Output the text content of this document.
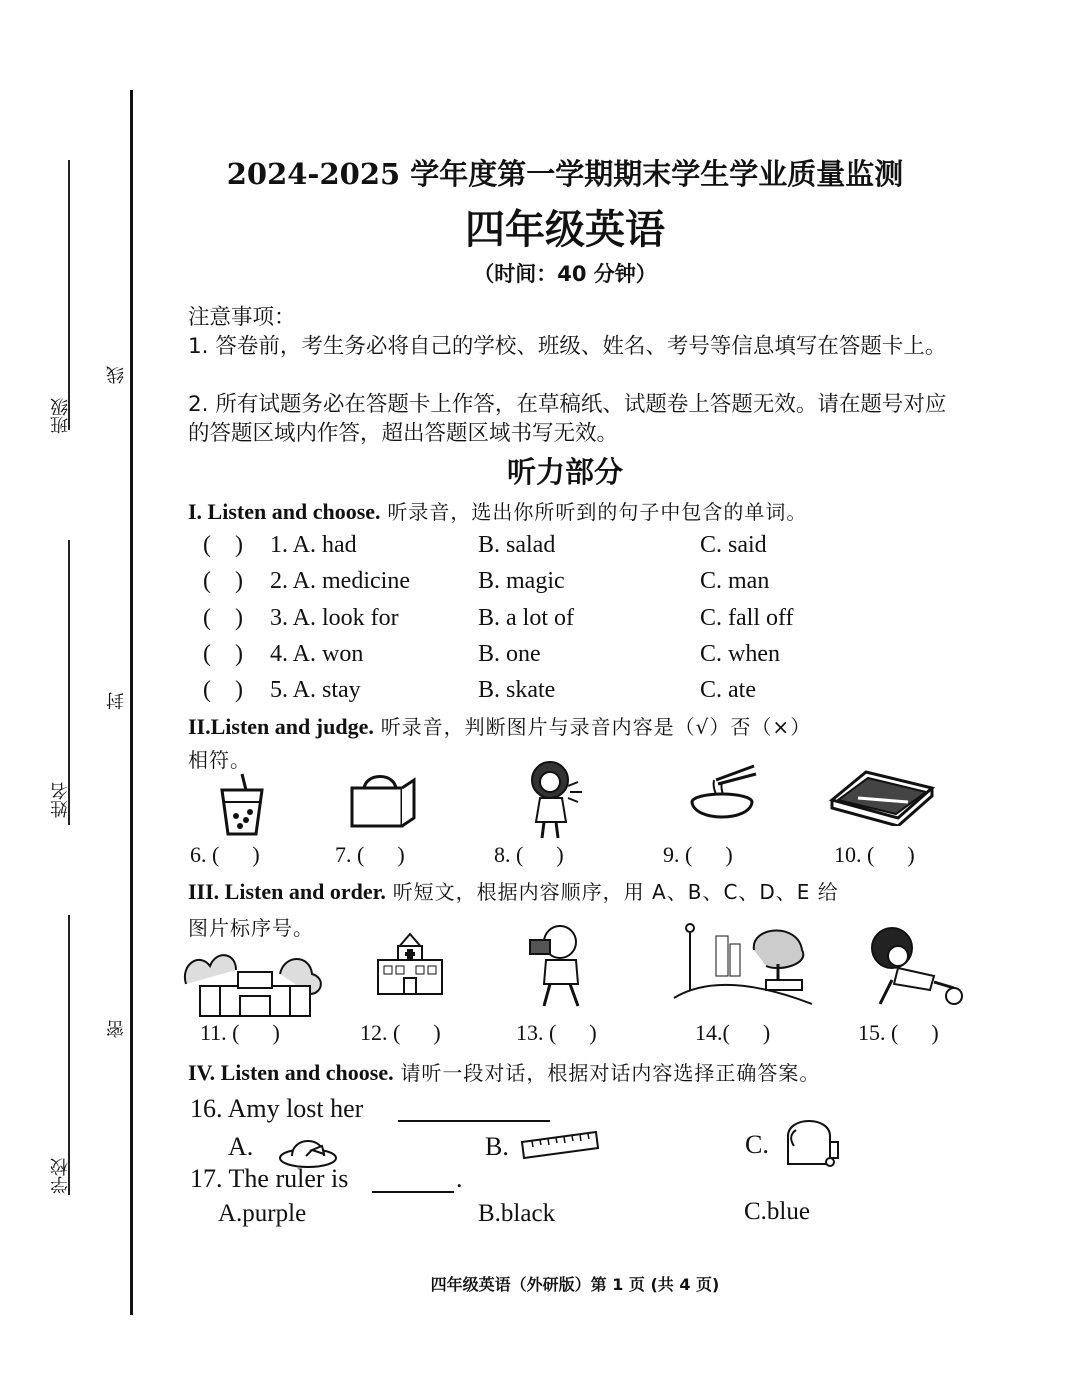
班级
姓名
学校
线
封
密
2024-2025 学年度第一学期期末学生学业质量监测
四年级英语
（时间：40 分钟）
注意事项：
1. 答卷前，考生务必将自己的学校、班级、姓名、考号等信息填写在答题卡上。
2. 所有试题务必在答题卡上作答，在草稿纸、试题卷上答题无效。请在题号对应的答题区域内作答，超出答题区域书写无效。
听力部分
I. Listen and choose. 听录音，选出你所听到的句子中包含的单词。
(    ) 1. A. had	B. salad	C. said
(    ) 2. A. medicine	B. magic	C. man
(    ) 3. A. look for	B. a lot of	C. fall off
(    ) 4. A. won	B. one	C. when
(    ) 5. A. stay	B. skate	C. ate
II.Listen and judge. 听录音，判断图片与录音内容是（√）否（×）
相符。
6. (      )	7. (      )	8. (      )	9. (      )	10. (      )
III. Listen and order. 听短文，根据内容顺序，用 A、B、C、D、E 给
图片标序号。
11. (      )	12. (      )	13. (      )	14.(      )	15. (      )
IV. Listen and choose. 请听一段对话，根据对话内容选择正确答案。
16. Amy lost her
A.	B.	C.
17. The ruler is	.
A.purple	B.black	C.blue
四年级英语（外研版）第 1 页 (共 4 页)
